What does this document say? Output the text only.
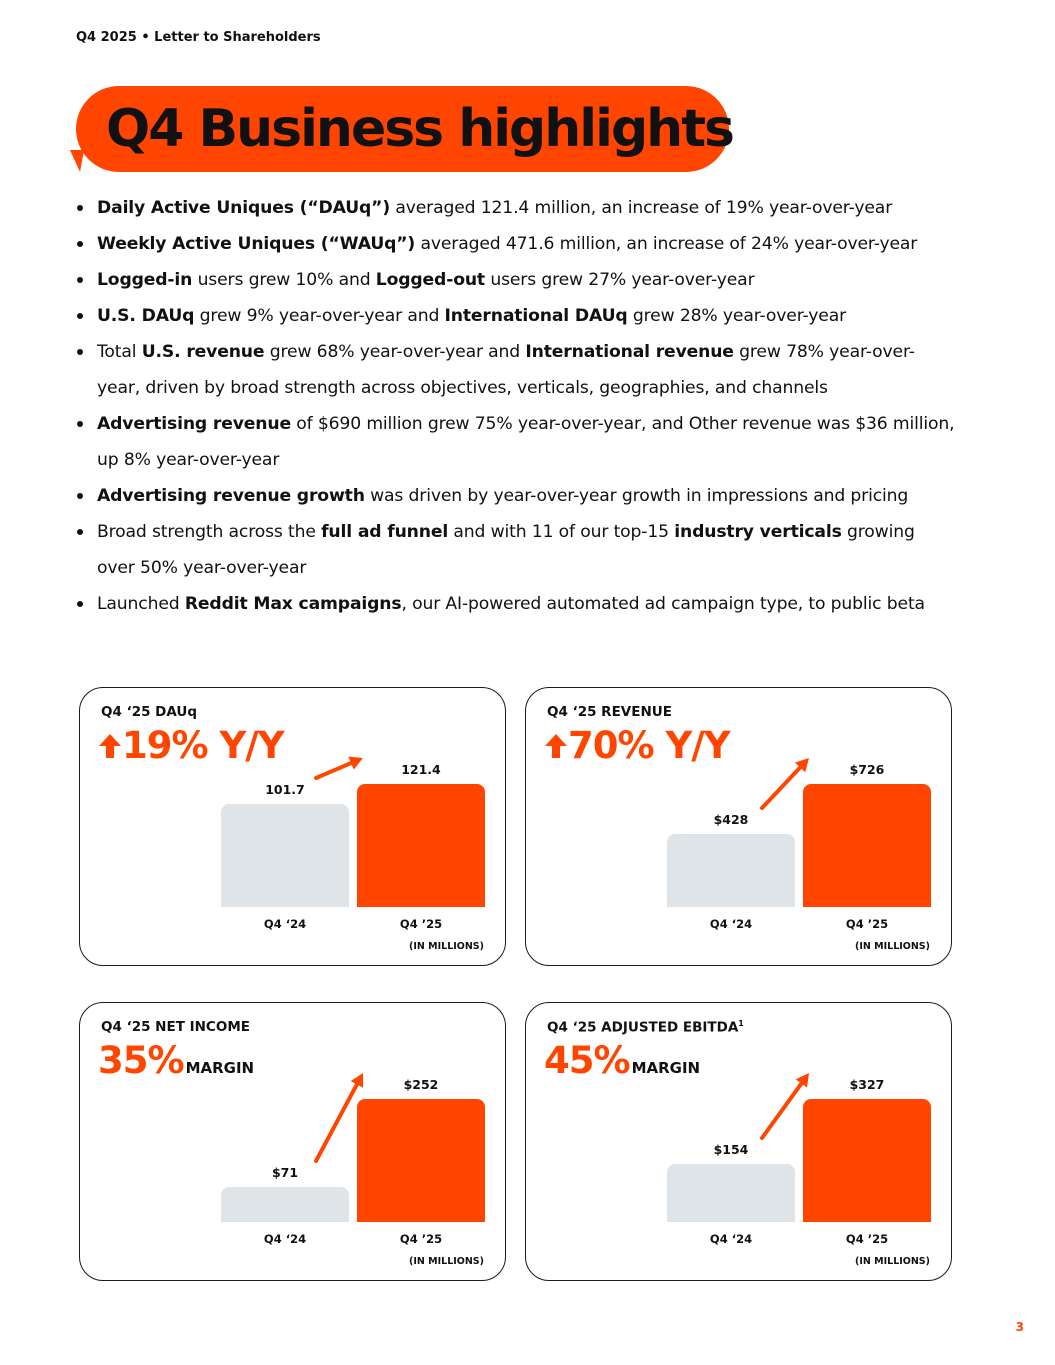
Q4 2025 • Letter to Shareholders
Q4 Business highlights
Daily Active Uniques (“DAUq”) averaged 121.4 million, an increase of 19% year-over-year
Weekly Active Uniques (“WAUq”) averaged 471.6 million, an increase of 24% year-over-year
Logged-in users grew 10% and Logged-out users grew 27% year-over-year
U.S. DAUq grew 9% year-over-year and International DAUq grew 28% year-over-year
Total U.S. revenue grew 68% year-over-year and International revenue grew 78% year-over-year, driven by broad strength across objectives, verticals, geographies, and channels
Advertising revenue of $690 million grew 75% year-over-year, and Other revenue was $36 million, up 8% year-over-year
Advertising revenue growth was driven by year-over-year growth in impressions and pricing
Broad strength across the full ad funnel and with 11 of our top-15 industry verticals growing over 50% year-over-year
Launched Reddit Max campaigns, our AI-powered automated ad campaign type, to public beta
Q4 ‘25 DAUq
19% Y/Y
101.7
121.4
Q4 ‘24	Q4 ’25
(IN MILLIONS)
Q4 ‘25 REVENUE
70% Y/Y
$428
$726
Q4 ‘24	Q4 ’25
(IN MILLIONS)
Q4 ‘25 NET INCOME
35% MARGIN
$71
$252
Q4 ‘24	Q4 ’25
(IN MILLIONS)
Q4 ‘25 ADJUSTED EBITDA$^1$
45% MARGIN
$154
$327
Q4 ‘24	Q4 ’25
(IN MILLIONS)
3
